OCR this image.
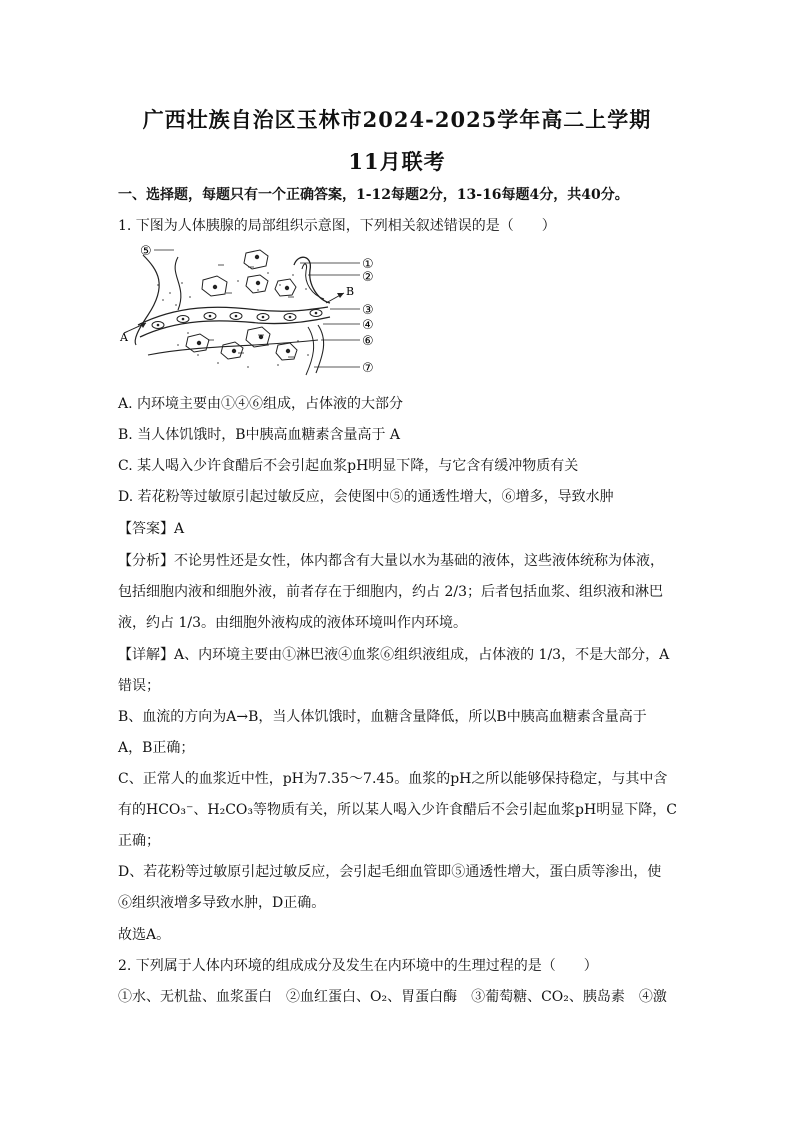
广西壮族自治区玉林市2024-2025学年高二上学期
11月联考
一、选择题，每题只有一个正确答案，1-12每题2分，13-16每题4分，共40分。
1. 下图为人体胰腺的局部组织示意图，下列相关叙述错误的是（　　）
A
B
①
②
③
④
⑥
⑦
⑤
A. 内环境主要由①④⑥组成，占体液的大部分
B. 当人体饥饿时，B中胰高血糖素含量高于 A
C. 某人喝入少许食醋后不会引起血浆pH明显下降，与它含有缓冲物质有关
D. 若花粉等过敏原引起过敏反应，会使图中⑤的通透性增大，⑥增多，导致水肿
【答案】A
【分析】不论男性还是女性，体内都含有大量以水为基础的液体，这些液体统称为体液，
包括细胞内液和细胞外液，前者存在于细胞内，约占 2/3；后者包括血浆、组织液和淋巴
液，约占 1/3。由细胞外液构成的液体环境叫作内环境。
【详解】A、内环境主要由①淋巴液④血浆⑥组织液组成，占体液的 1/3，不是大部分，A
错误；
B、血流的方向为A→B，当人体饥饿时，血糖含量降低，所以B中胰高血糖素含量高于
A，B正确；
C、正常人的血浆近中性，pH为7.35～7.45。血浆的pH之所以能够保持稳定，与其中含
有的HCO₃⁻、H₂CO₃等物质有关，所以某人喝入少许食醋后不会引起血浆pH明显下降，C
正确；
D、若花粉等过敏原引起过敏反应，会引起毛细血管即⑤通透性增大，蛋白质等渗出，使
⑥组织液增多导致水肿，D正确。
故选A。
2. 下列属于人体内环境的组成成分及发生在内环境中的生理过程的是（　　）
①水、无机盐、血浆蛋白　②血红蛋白、O₂、胃蛋白酶　③葡萄糖、CO₂、胰岛素　④激
